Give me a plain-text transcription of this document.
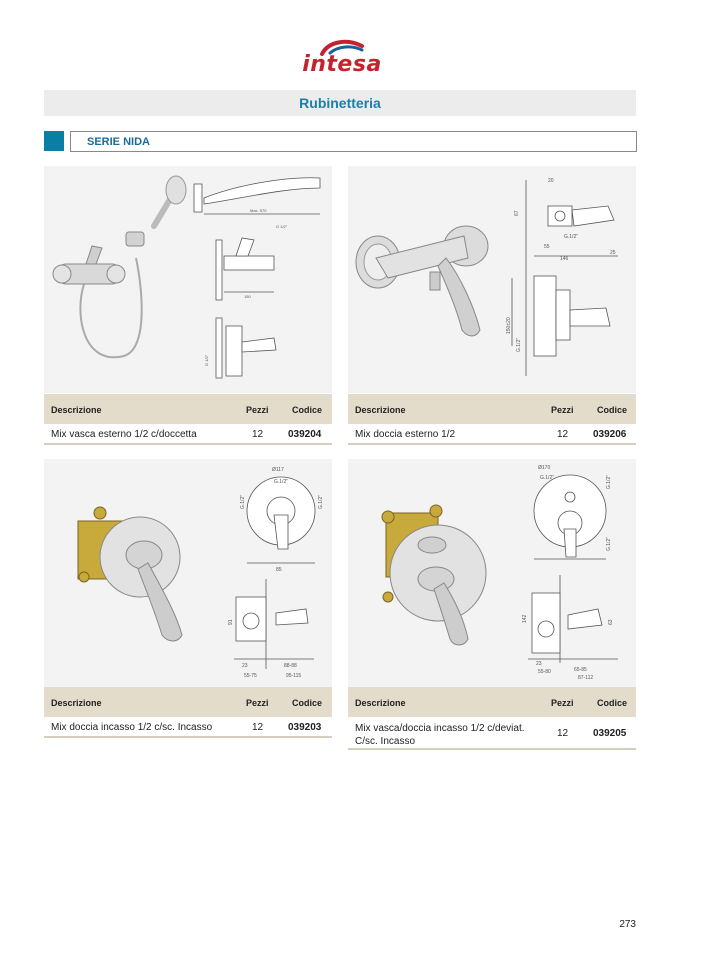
intesa
Rubinetteria
SERIE NIDA
Max. 570
G 1/2"
150
G 1/2"
Descrizione	Pezzi	Codice
Mix vasca esterno 1/2 c/doccetta	12 039204
20
67
G.1/2"
55
146
25
150±20
G.1/2"
Descrizione	Pezzi	Codice
Mix doccia esterno 1/2	12 039206
Ø117
G.1/2"
G.1/2"	G.1/2"
85
91
23
55-75
88-88
95-115
Descrizione	Pezzi	Codice
Mix doccia incasso 1/2 c/sc. Incasso	12 039203
Ø170
G.1/2"	G.1/2"
G.1/2"
142	63
23
55-80	65-85
87-112
Descrizione	Pezzi	Codice
Mix vasca/doccia incasso 1/2 c/deviat. C/sc. Incasso
12 039205
273
